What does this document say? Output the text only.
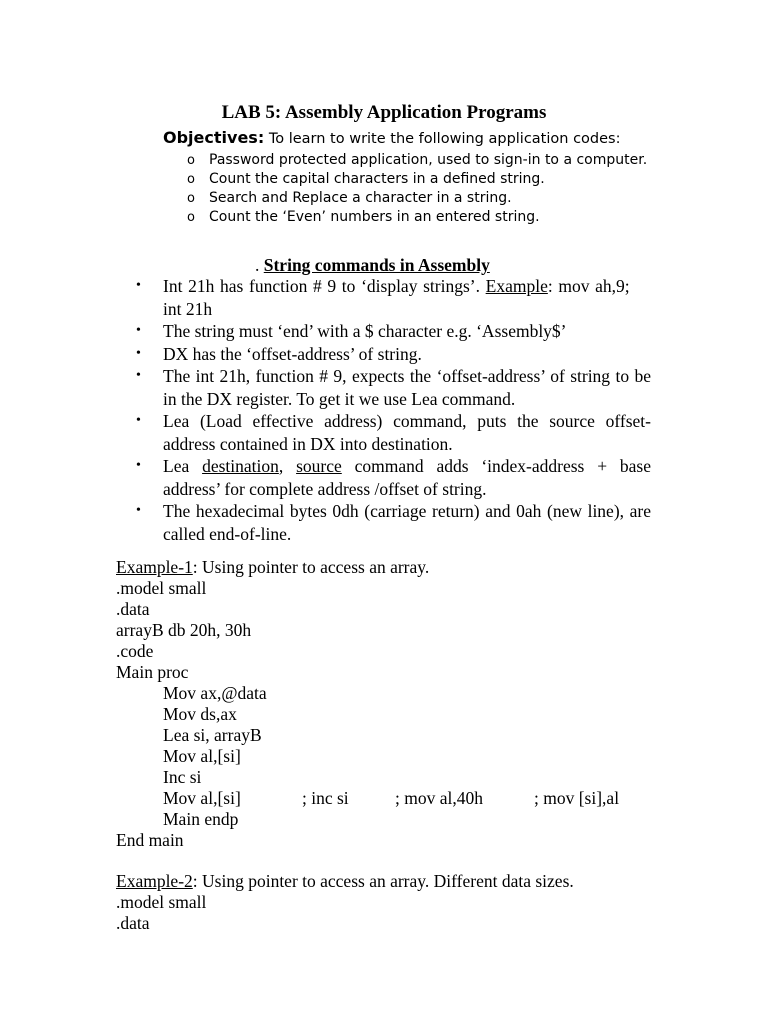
LAB 5: Assembly Application Programs
Objectives: To learn to write the following application codes:
o Password protected application, used to sign-in to a computer.
o Count the capital characters in a defined string.
o Search and Replace a character in a string.
o Count the ‘Even’ numbers in an entered string.
. String commands in Assembly
• Int 21h has function # 9 to ‘display strings’. Example: mov ah,9;     int 21h
• The string must ‘end’ with a $ character e.g. ‘Assembly$’
• DX has the ‘offset-address’ of string.
• The int 21h, function # 9, expects the ‘offset-address’ of string to be in the DX register. To get it we use Lea command.
• Lea (Load effective address) command, puts the source offset-address contained in DX into destination.
• Lea destination, source command adds ‘index-address + base address’ for complete address /offset of string.
• The hexadecimal bytes 0dh (carriage return) and 0ah (new line), are called end-of-line.
Example-1: Using pointer to access an array.
.model small
.data
arrayB db 20h, 30h
.code
Main proc
Mov ax,@data
Mov ds,ax
Lea si, arrayB
Mov al,[si]
Inc si
Mov al,[si]	; inc si	; mov al,40h	; mov [si],al
Main endp
End main
Example-2: Using pointer to access an array. Different data sizes.
.model small
.data
